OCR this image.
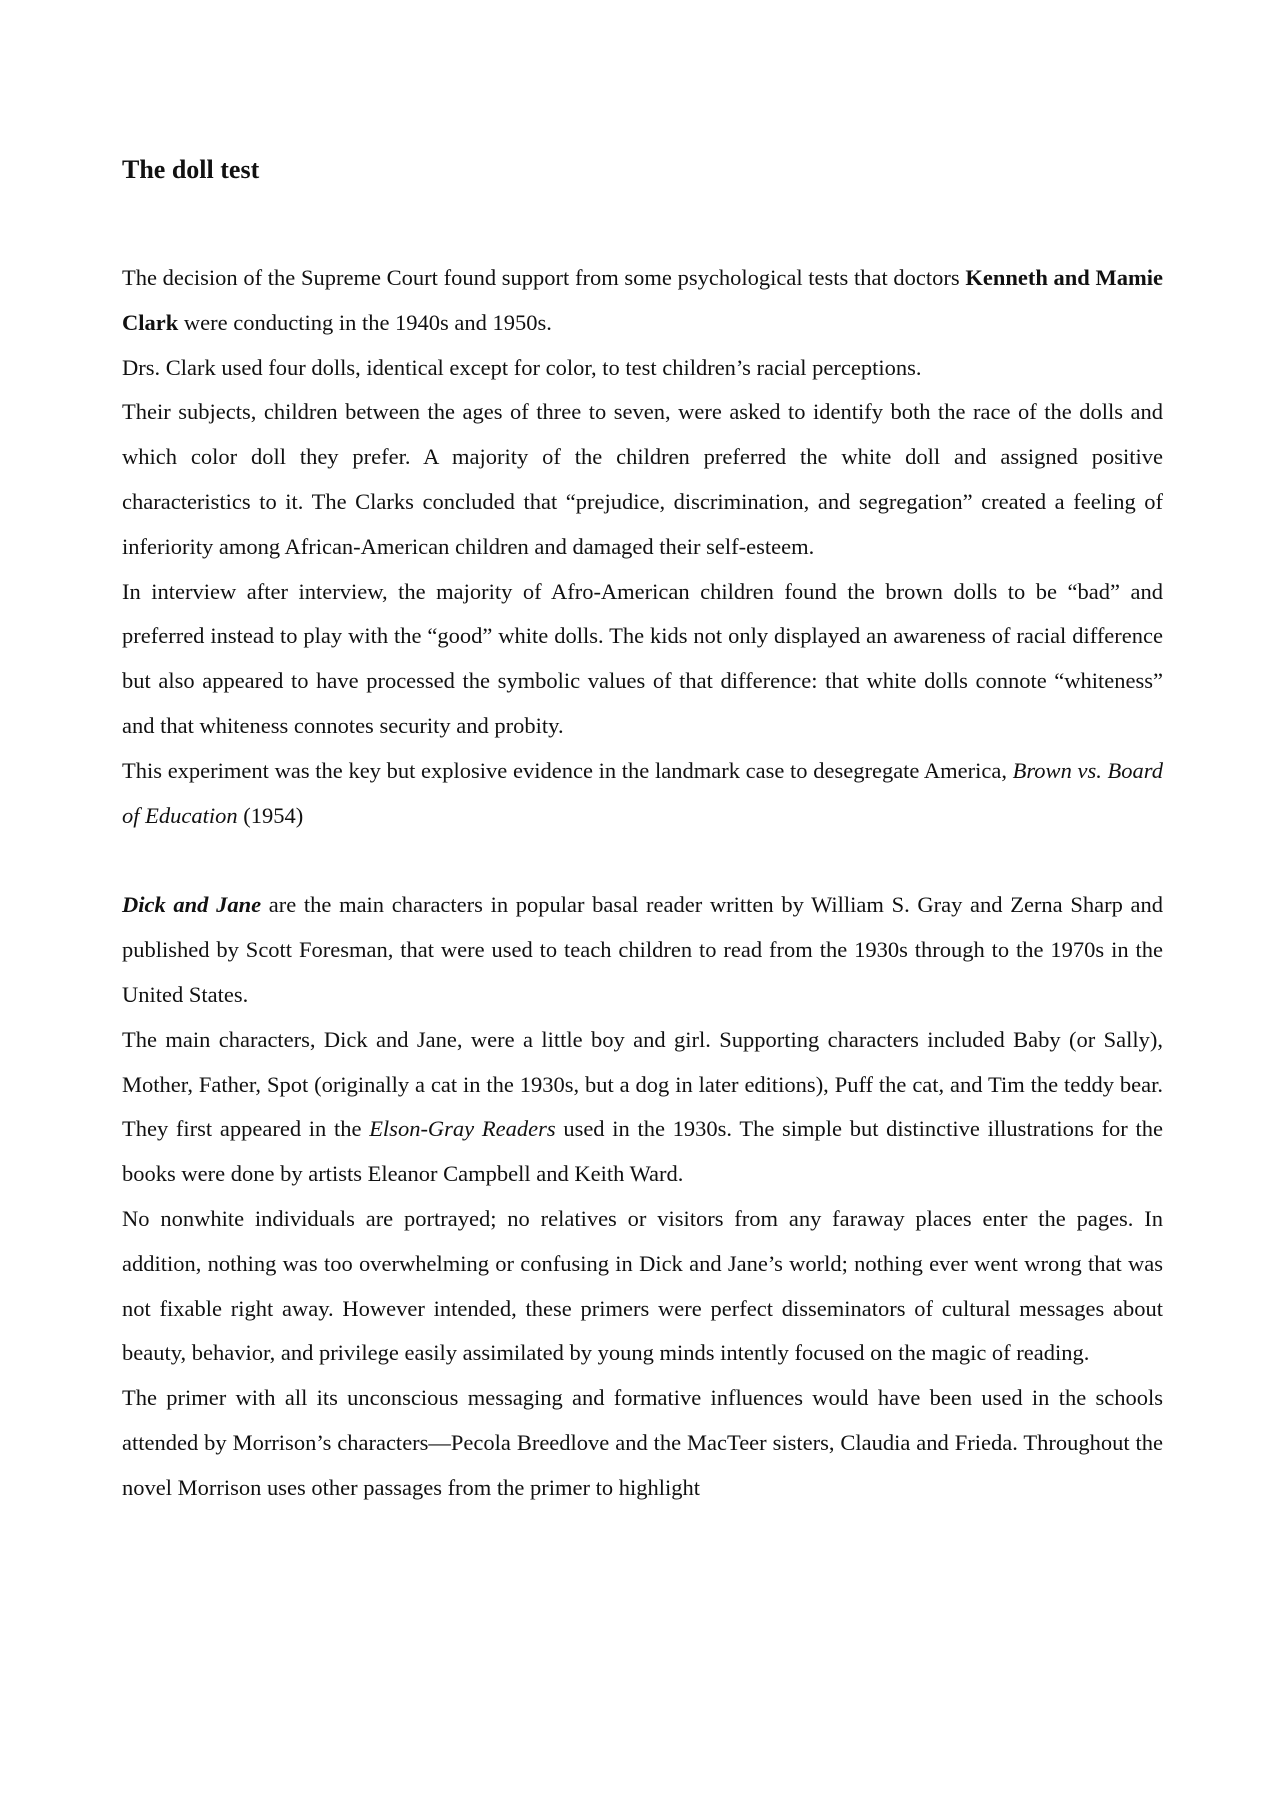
The doll test

The decision of the Supreme Court found support from some psychological tests that doctors Kenneth and Mamie Clark were conducting in the 1940s and 1950s.

Drs. Clark used four dolls, identical except for color, to test children’s racial perceptions.

Their subjects, children between the ages of three to seven, were asked to identify both the race of the dolls and which color doll they prefer. A majority of the children preferred the white doll and assigned positive characteristics to it. The Clarks concluded that “prejudice, discrimination, and segregation” created a feeling of inferiority among African-American children and damaged their self-esteem.

In interview after interview, the majority of Afro-American children found the brown dolls to be “bad” and preferred instead to play with the “good” white dolls. The kids not only displayed an awareness of racial difference but also appeared to have processed the symbolic values of that difference: that white dolls connote “whiteness” and that whiteness connotes security and probity.

This experiment was the key but explosive evidence in the landmark case to desegregate America, Brown vs. Board of Education (1954)

Dick and Jane are the main characters in popular basal reader written by William S. Gray and Zerna Sharp and published by Scott Foresman, that were used to teach children to read from the 1930s through to the 1970s in the United States.

The main characters, Dick and Jane, were a little boy and girl. Supporting characters included Baby (or Sally), Mother, Father, Spot (originally a cat in the 1930s, but a dog in later editions), Puff the cat, and Tim the teddy bear. They first appeared in the Elson-Gray Readers used in the 1930s. The simple but distinctive illustrations for the books were done by artists Eleanor Campbell and Keith Ward.

No nonwhite individuals are portrayed; no relatives or visitors from any faraway places enter the pages. In addition, nothing was too overwhelming or confusing in Dick and Jane’s world; nothing ever went wrong that was not fixable right away. However intended, these primers were perfect disseminators of cultural messages about beauty, behavior, and privilege easily assimilated by young minds intently focused on the magic of reading.

The primer with all its unconscious messaging and formative influences would have been used in the schools attended by Morrison’s characters—Pecola Breedlove and the MacTeer sisters, Claudia and Frieda. Throughout the novel Morrison uses other passages from the primer to highlight
